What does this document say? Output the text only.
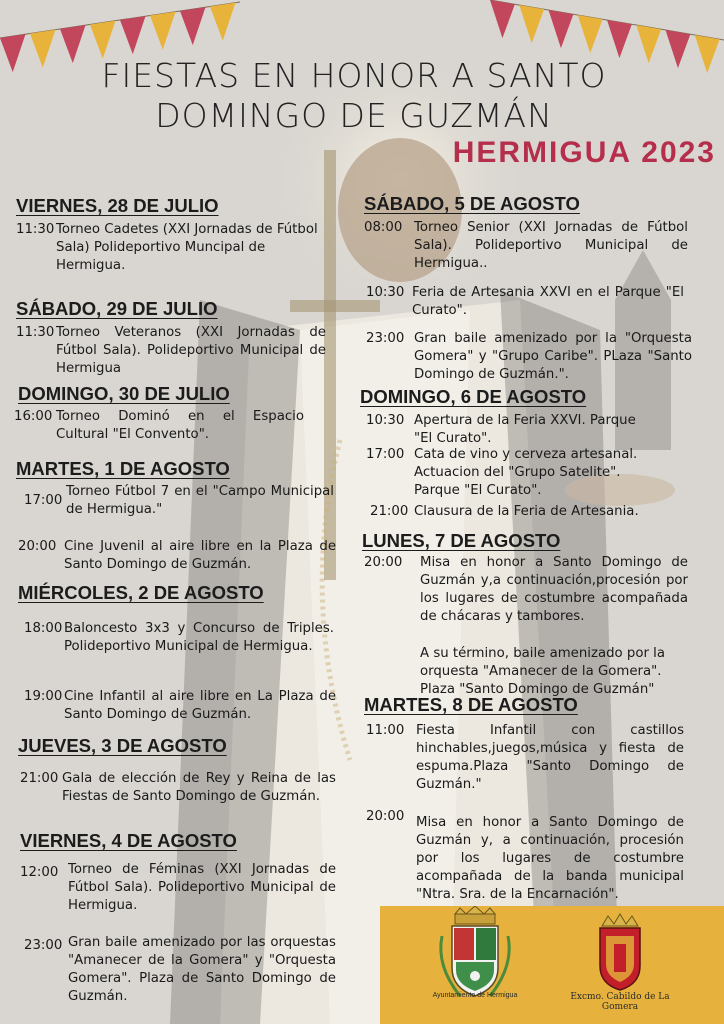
FIESTAS EN HONOR A SANTO
DOMINGO DE GUZMÁN
HERMIGUA 2023
VIERNES, 28 DE JULIO
11:30 Torneo Cadetes (XXI Jornadas de Fútbol Sala) Polideportivo Muncipal de Hermigua.
SÁBADO, 29 DE JULIO
11:30 Torneo Veteranos (XXI Jornadas de Fútbol Sala). Polideportivo Municipal de Hermigua
DOMINGO, 30 DE JULIO
16:00 Torneo Dominó en el Espacio Cultural "El Convento".
MARTES, 1 DE AGOSTO
17:00
Torneo Fútbol 7 en el "Campo Municipal de Hermigua."
20:00 Cine Juvenil al aire libre en la Plaza de Santo Domingo de Guzmán.
MIÉRCOLES, 2 DE AGOSTO
18:00 Baloncesto 3x3 y Concurso de Triples. Polideportivo Municipal de Hermigua.
19:00 Cine Infantil al aire libre en La Plaza de Santo Domingo de Guzmán.
JUEVES, 3 DE AGOSTO
21:00 Gala de elección de Rey y Reina de las Fiestas de Santo Domingo de Guzmán.
VIERNES, 4 DE AGOSTO
12:00 Torneo de Féminas (XXI Jornadas de Fútbol Sala). Polideportivo Municipal de Hermigua.
23:00 Gran baile amenizado por las orquestas "Amanecer de la Gomera" y "Orquesta Gomera". Plaza de Santo Domingo de Guzmán.
SÁBADO, 5 DE AGOSTO
08:00 Torneo Senior (XXI Jornadas de Fútbol Sala). Polideportivo Municipal de Hermigua..
10:30 Feria de Artesania XXVI en el Parque "El Curato".
23:00 Gran baile amenizado por la "Orquesta Gomera" y "Grupo Caribe". PLaza "Santo Domingo de Guzmán.".
DOMINGO, 6 DE AGOSTO
10:30 Apertura de la Feria XXVI. Parque "El Curato".
17:00 Cata de vino y cerveza artesanal. Actuacion del "Grupo Satelite". Parque "El Curato".
21:00 Clausura de la Feria de Artesania.
LUNES, 7 DE AGOSTO
20:00 Misa en honor a Santo Domingo de Guzmán y,a continuación,procesión por los lugares de costumbre acompañada de chácaras y tambores.
A su término, baile amenizado por la orquesta "Amanecer de la Gomera". Plaza "Santo Domingo de Guzmán"
MARTES, 8 DE AGOSTO
11:00 Fiesta Infantil con castillos hinchables,juegos,música y fiesta de espuma.Plaza "Santo Domingo de Guzmán."
20:00 Misa en honor a Santo Domingo de Guzmán y, a continuación, procesión por los lugares de costumbre acompañada de la banda municipal "Ntra. Sra. de la Encarnación".
Ayuntamiento de Hermigua	Excmo. Cabildo de La Gomera
